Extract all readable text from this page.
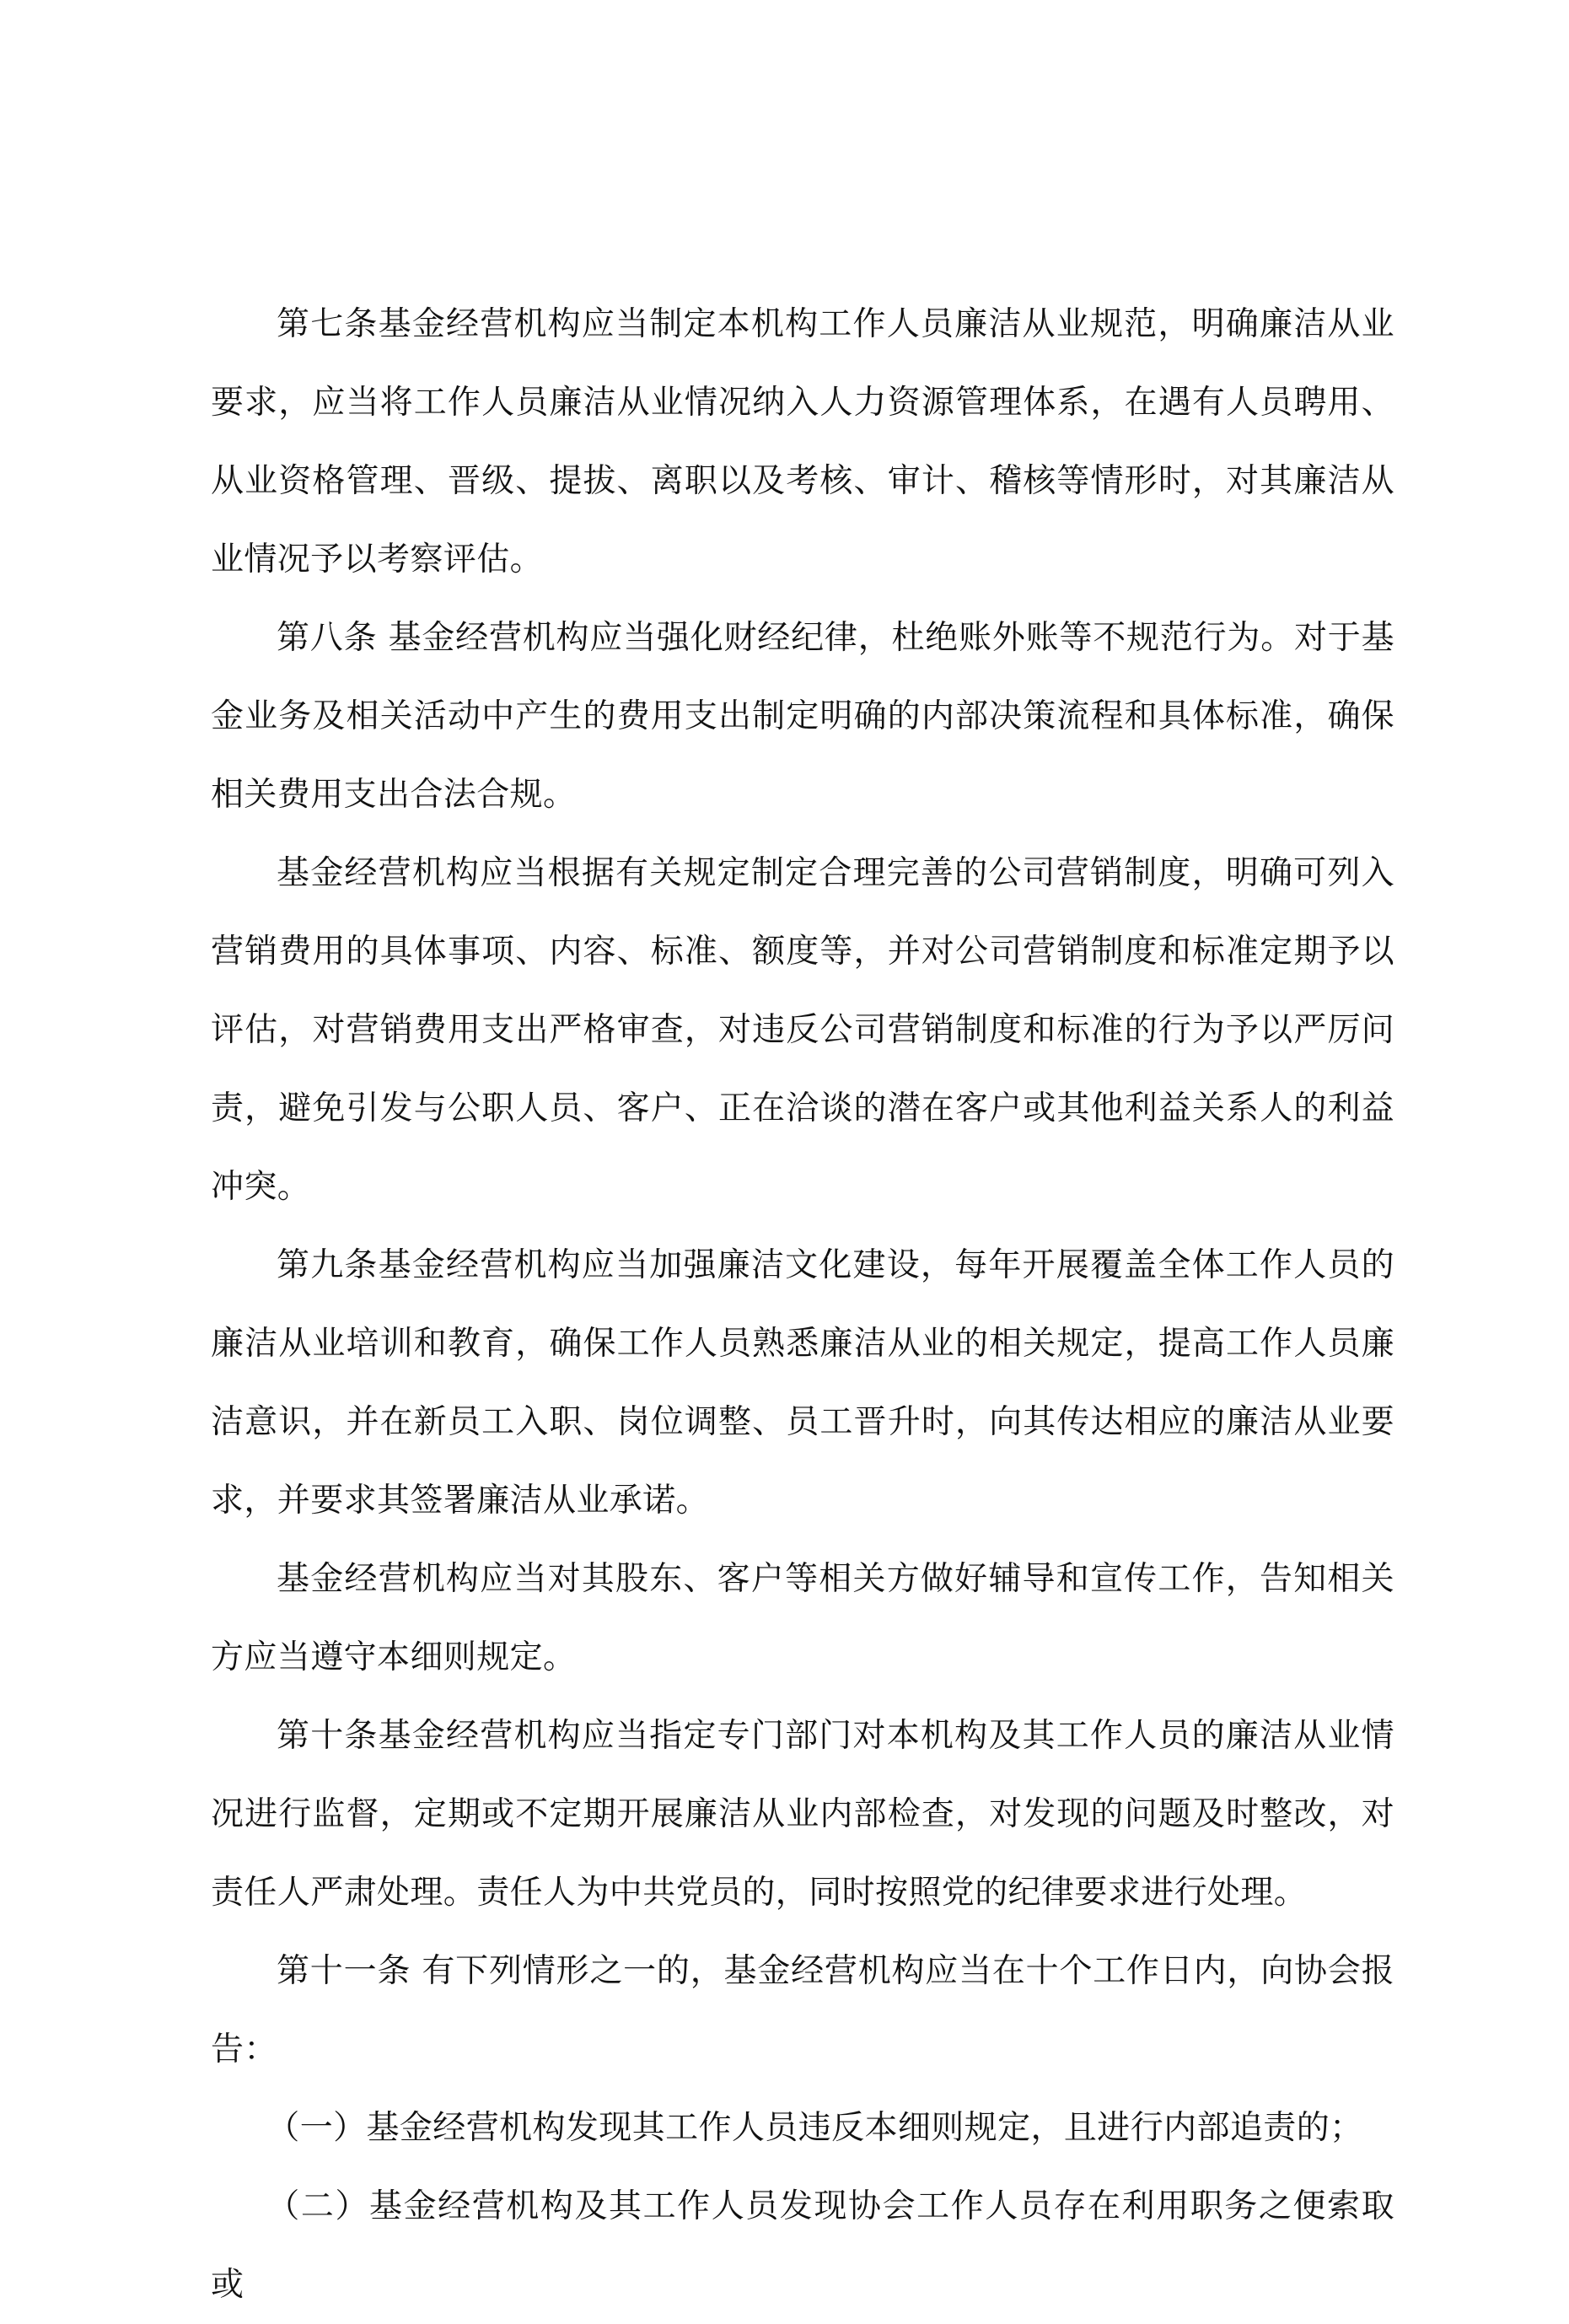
第七条基金经营机构应当制定本机构工作人员廉洁从业规范，明确廉洁从业要求，应当将工作人员廉洁从业情况纳入人力资源管理体系，在遇有人员聘用、从业资格管理、晋级、提拔、离职以及考核、审计、稽核等情形时，对其廉洁从业情况予以考察评估。

第八条 基金经营机构应当强化财经纪律，杜绝账外账等不规范行为。对于基金业务及相关活动中产生的费用支出制定明确的内部决策流程和具体标准，确保相关费用支出合法合规。

基金经营机构应当根据有关规定制定合理完善的公司营销制度，明确可列入营销费用的具体事项、内容、标准、额度等，并对公司营销制度和标准定期予以评估，对营销费用支出严格审查，对违反公司营销制度和标准的行为予以严厉问责，避免引发与公职人员、客户、正在洽谈的潜在客户或其他利益关系人的利益冲突。

第九条基金经营机构应当加强廉洁文化建设，每年开展覆盖全体工作人员的廉洁从业培训和教育，确保工作人员熟悉廉洁从业的相关规定，提高工作人员廉洁意识，并在新员工入职、岗位调整、员工晋升时，向其传达相应的廉洁从业要求，并要求其签署廉洁从业承诺。

基金经营机构应当对其股东、客户等相关方做好辅导和宣传工作，告知相关方应当遵守本细则规定。

第十条基金经营机构应当指定专门部门对本机构及其工作人员的廉洁从业情况进行监督，定期或不定期开展廉洁从业内部检查，对发现的问题及时整改，对责任人严肃处理。责任人为中共党员的，同时按照党的纪律要求进行处理。

第十一条 有下列情形之一的，基金经营机构应当在十个工作日内，向协会报告：

（一）基金经营机构发现其工作人员违反本细则规定，且进行内部追责的；

（二）基金经营机构及其工作人员发现协会工作人员存在利用职务之便索取或
